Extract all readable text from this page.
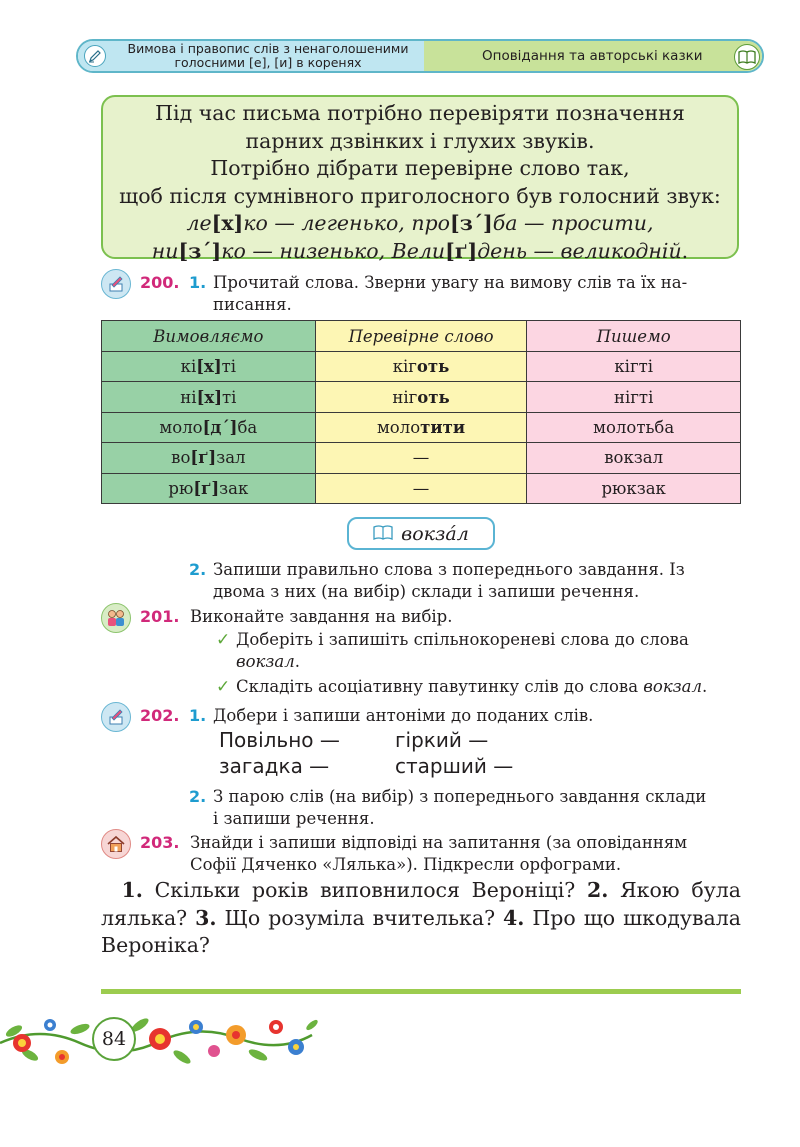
Вимова і правопис слів з ненаголошеними
голосними [е], [и] в коренях	Оповідання та авторські казки
Під час письма потрібно перевіряти позначення
парних дзвінких і глухих звуків.
Потрібно дібрати перевірне слово так,
щоб після сумнівного приголосного був голосний звук:
ле[х]ко — легенько, про[з´]ба — просити,
ни[з´]ко — низенько, Вели[ґ]день — великодній.
200. 1. Прочитай слова. Зверни увагу на вимову слів та їх на-
писання.
Вимовляємо	Перевірне слово	Пишемо
кі[х]ті	кіготь	кігті
ні[х]ті	ніготь	нігті
моло[д´]ба	молотити	молотьба
во[ґ]зал	—	вокзал
рю[ґ]зак	—	рюкзак
вокза́л
2. Запиши правильно слова з попереднього завдання. Із
двома з них (на вибір) склади і запиши речення.
201. Виконайте завдання на вибір.
✓ Доберіть і запишіть спільнокореневі слова до слова
вокзал.
✓ Складіть асоціативну павутинку слів до слова вокзал.
202. 1. Добери і запиши антоніми до поданих слів.
Повільно —	гіркий —
загадка —	старший —
2. З парою слів (на вибір) з попереднього завдання склади
і запиши речення.
203. Знайди і запиши відповіді на запитання (за оповіданням
Софії Дяченко «Лялька»). Підкресли орфограми.
 1. Скільки років виповнилося Вероніці? 2. Якою була лялька? 3. Що розуміла вчителька? 4. Про що шкодувала Вероніка?
84
